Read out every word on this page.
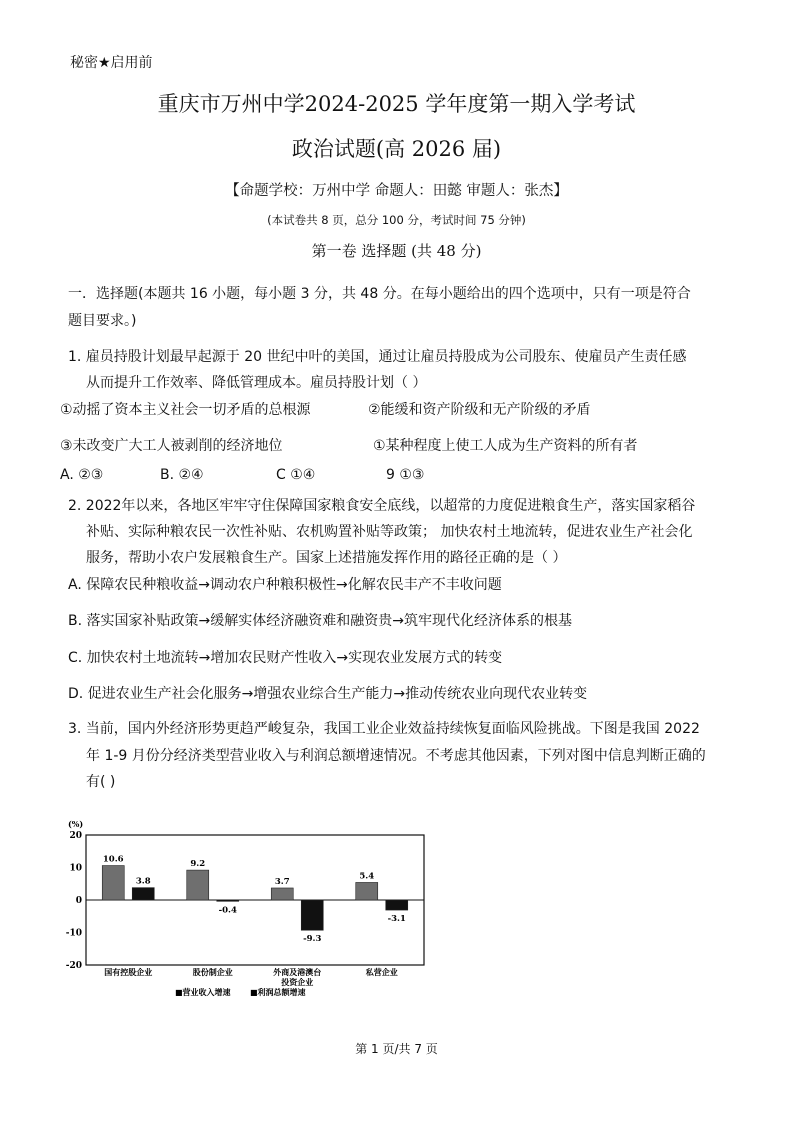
秘密★启用前
重庆市万州中学2024-2025 学年度第一期入学考试
政治试题(高 2026 届)
【命题学校：万州中学 命题人：田懿 审题人：张杰】
(本试卷共 8 页，总分 100 分，考试时间 75 分钟)
第一卷 选择题 (共 48 分)
一．选择题(本题共 16 小题，每小题 3 分，共 48 分。在每小题给出的四个选项中，只有一项是符合
题目要求。)
1. 雇员持股计划最早起源于 20 世纪中叶的美国，通过让雇员持股成为公司股东、使雇员产生责任感
从而提升工作效率、降低管理成本。雇员持股计划（ ）
①动摇了资本主义社会一切矛盾的总根源	②能缓和资产阶级和无产阶级的矛盾
③未改变广大工人被剥削的经济地位	①某种程度上使工人成为生产资料的所有者
A. ②③	B. ②④	C ①④	9 ①③
2. 2022年以来，各地区牢牢守住保障国家粮食安全底线，以超常的力度促进粮食生产，落实国家稻谷
补贴、实际种粮农民一次性补贴、农机购置补贴等政策； 加快农村土地流转，促进农业生产社会化
服务，帮助小农户发展粮食生产。国家上述措施发挥作用的路径正确的是（ ）
A. 保障农民种粮收益→调动农户种粮积极性→化解农民丰产不丰收问题
B. 落实国家补贴政策→缓解实体经济融资难和融资贵→筑牢现代化经济体系的根基
C. 加快农村土地流转→增加农民财产性收入→实现农业发展方式的转变
D. 促进农业生产社会化服务→增强农业综合生产能力→推动传统农业向现代农业转变
3. 当前，国内外经济形势更趋严峻复杂，我国工业企业效益持续恢复面临风险挑战。下图是我国 2022
年 1-9 月份分经济类型营业收入与利润总额增速情况。不考虑其他因素，下列对图中信息判断正确的
有( )
(%)
20
10
0
-10
-20
10.6
3.8
国有控股企业
9.2
-0.4
股份制企业
3.7
-9.3
外商及港澳台
投资企业
5.4
-3.1
私营企业
■营业收入增速 ■利润总额增速
第 1 页/共 7 页
